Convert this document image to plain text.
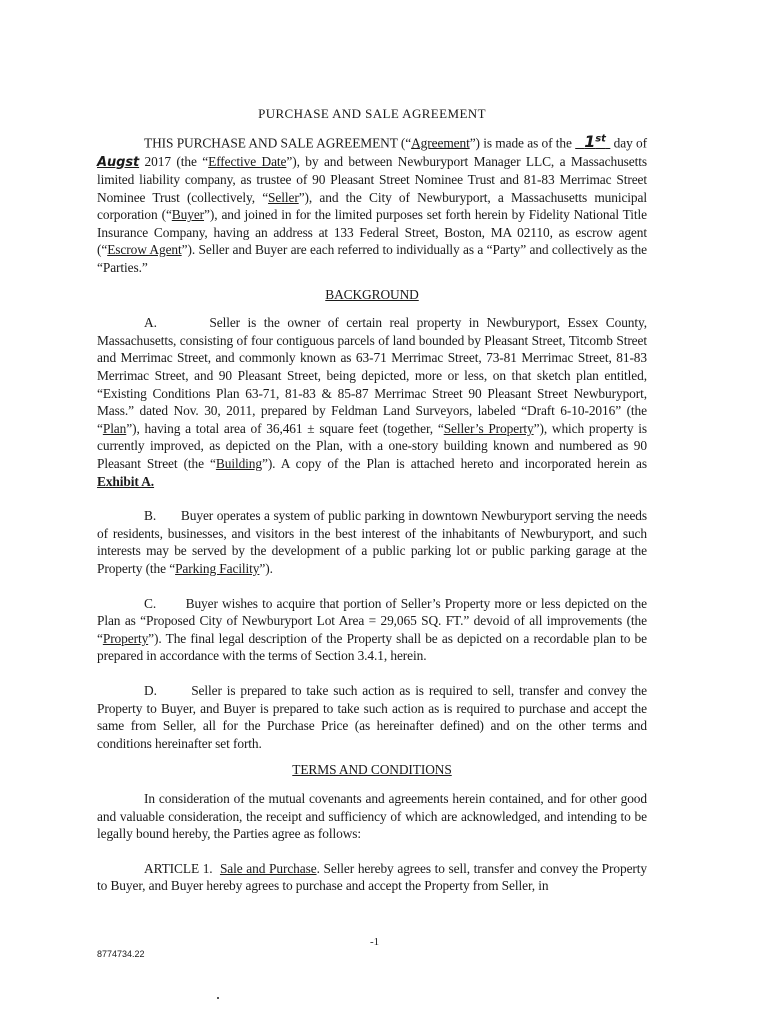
PURCHASE AND SALE AGREEMENT

THIS PURCHASE AND SALE AGREEMENT (“Agreement”) is made as of the   1st  day of Augst 2017 (the “Effective Date”), by and between Newburyport Manager LLC, a Massachusetts limited liability company, as trustee of 90 Pleasant Street Nominee Trust and 81-83 Merrimac Street Nominee Trust (collectively, “Seller”), and the City of Newburyport, a Massachusetts municipal corporation (“Buyer”), and joined in for the limited purposes set forth herein by Fidelity National Title Insurance Company, having an address at 133 Federal Street, Boston, MA 02110, as escrow agent (“Escrow Agent”). Seller and Buyer are each referred to individually as a “Party” and collectively as the “Parties.”

BACKGROUND

A.	Seller is the owner of certain real property in Newburyport, Essex County, Massachusetts, consisting of four contiguous parcels of land bounded by Pleasant Street, Titcomb Street and Merrimac Street, and commonly known as 63-71 Merrimac Street, 73-81 Merrimac Street, 81-83 Merrimac Street, and 90 Pleasant Street, being depicted, more or less, on that sketch plan entitled, “Existing Conditions Plan 63-71, 81-83 & 85-87 Merrimac Street 90 Pleasant Street Newburyport, Mass.” dated Nov. 30, 2011, prepared by Feldman Land Surveyors, labeled “Draft 6-10-2016” (the “Plan”), having a total area of 36,461 ± square feet (together, “Seller’s Property”), which property is currently improved, as depicted on the Plan, with a one-story building known and numbered as 90 Pleasant Street (the “Building”). A copy of the Plan is attached hereto and incorporated herein as Exhibit A.

B. Buyer operates a system of public parking in downtown Newburyport serving the needs of residents, businesses, and visitors in the best interest of the inhabitants of Newburyport, and such interests may be served by the development of a public parking lot or public parking garage at the Property (the “Parking Facility”).

C. Buyer wishes to acquire that portion of Seller’s Property more or less depicted on the Plan as “Proposed City of Newburyport Lot Area = 29,065 SQ. FT.” devoid of all improvements (the “Property”). The final legal description of the Property shall be as depicted on a recordable plan to be prepared in accordance with the terms of Section 3.4.1, herein.

D.	Seller is prepared to take such action as is required to sell, transfer and convey the Property to Buyer, and Buyer is prepared to take such action as is required to purchase and accept the same from Seller, all for the Purchase Price (as hereinafter defined) and on the other terms and conditions hereinafter set forth.

TERMS AND CONDITIONS

In consideration of the mutual covenants and agreements herein contained, and for other good and valuable consideration, the receipt and sufficiency of which are acknowledged, and intending to be legally bound hereby, the Parties agree as follows:

ARTICLE 1. Sale and Purchase. Seller hereby agrees to sell, transfer and convey the Property to Buyer, and Buyer hereby agrees to purchase and accept the Property from Seller, in

-1
8774734.22
